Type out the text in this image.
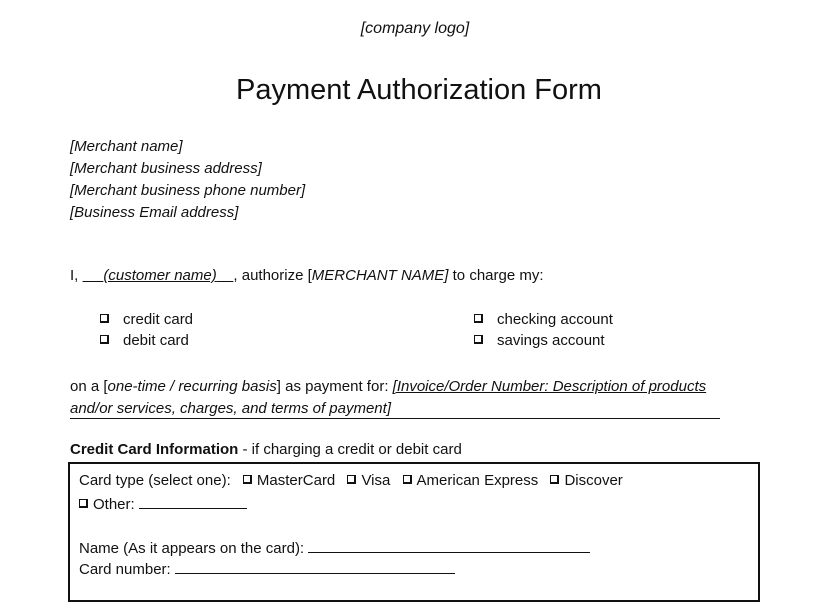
[company logo]
Payment Authorization Form
[Merchant name]
[Merchant business address]
[Merchant business phone number]
[Business Email address]
I, (customer name) , authorize [MERCHANT NAME] to charge my:
credit card
debit card
checking account
savings account
on a [one-time / recurring basis] as payment for: [Invoice/Order Number: Description of products
and/or services, charges, and terms of payment]
Credit Card Information - if charging a credit or debit card
Card type (select one): MasterCard Visa American Express Discover
Other:
Name (As it appears on the card):
Card number:
